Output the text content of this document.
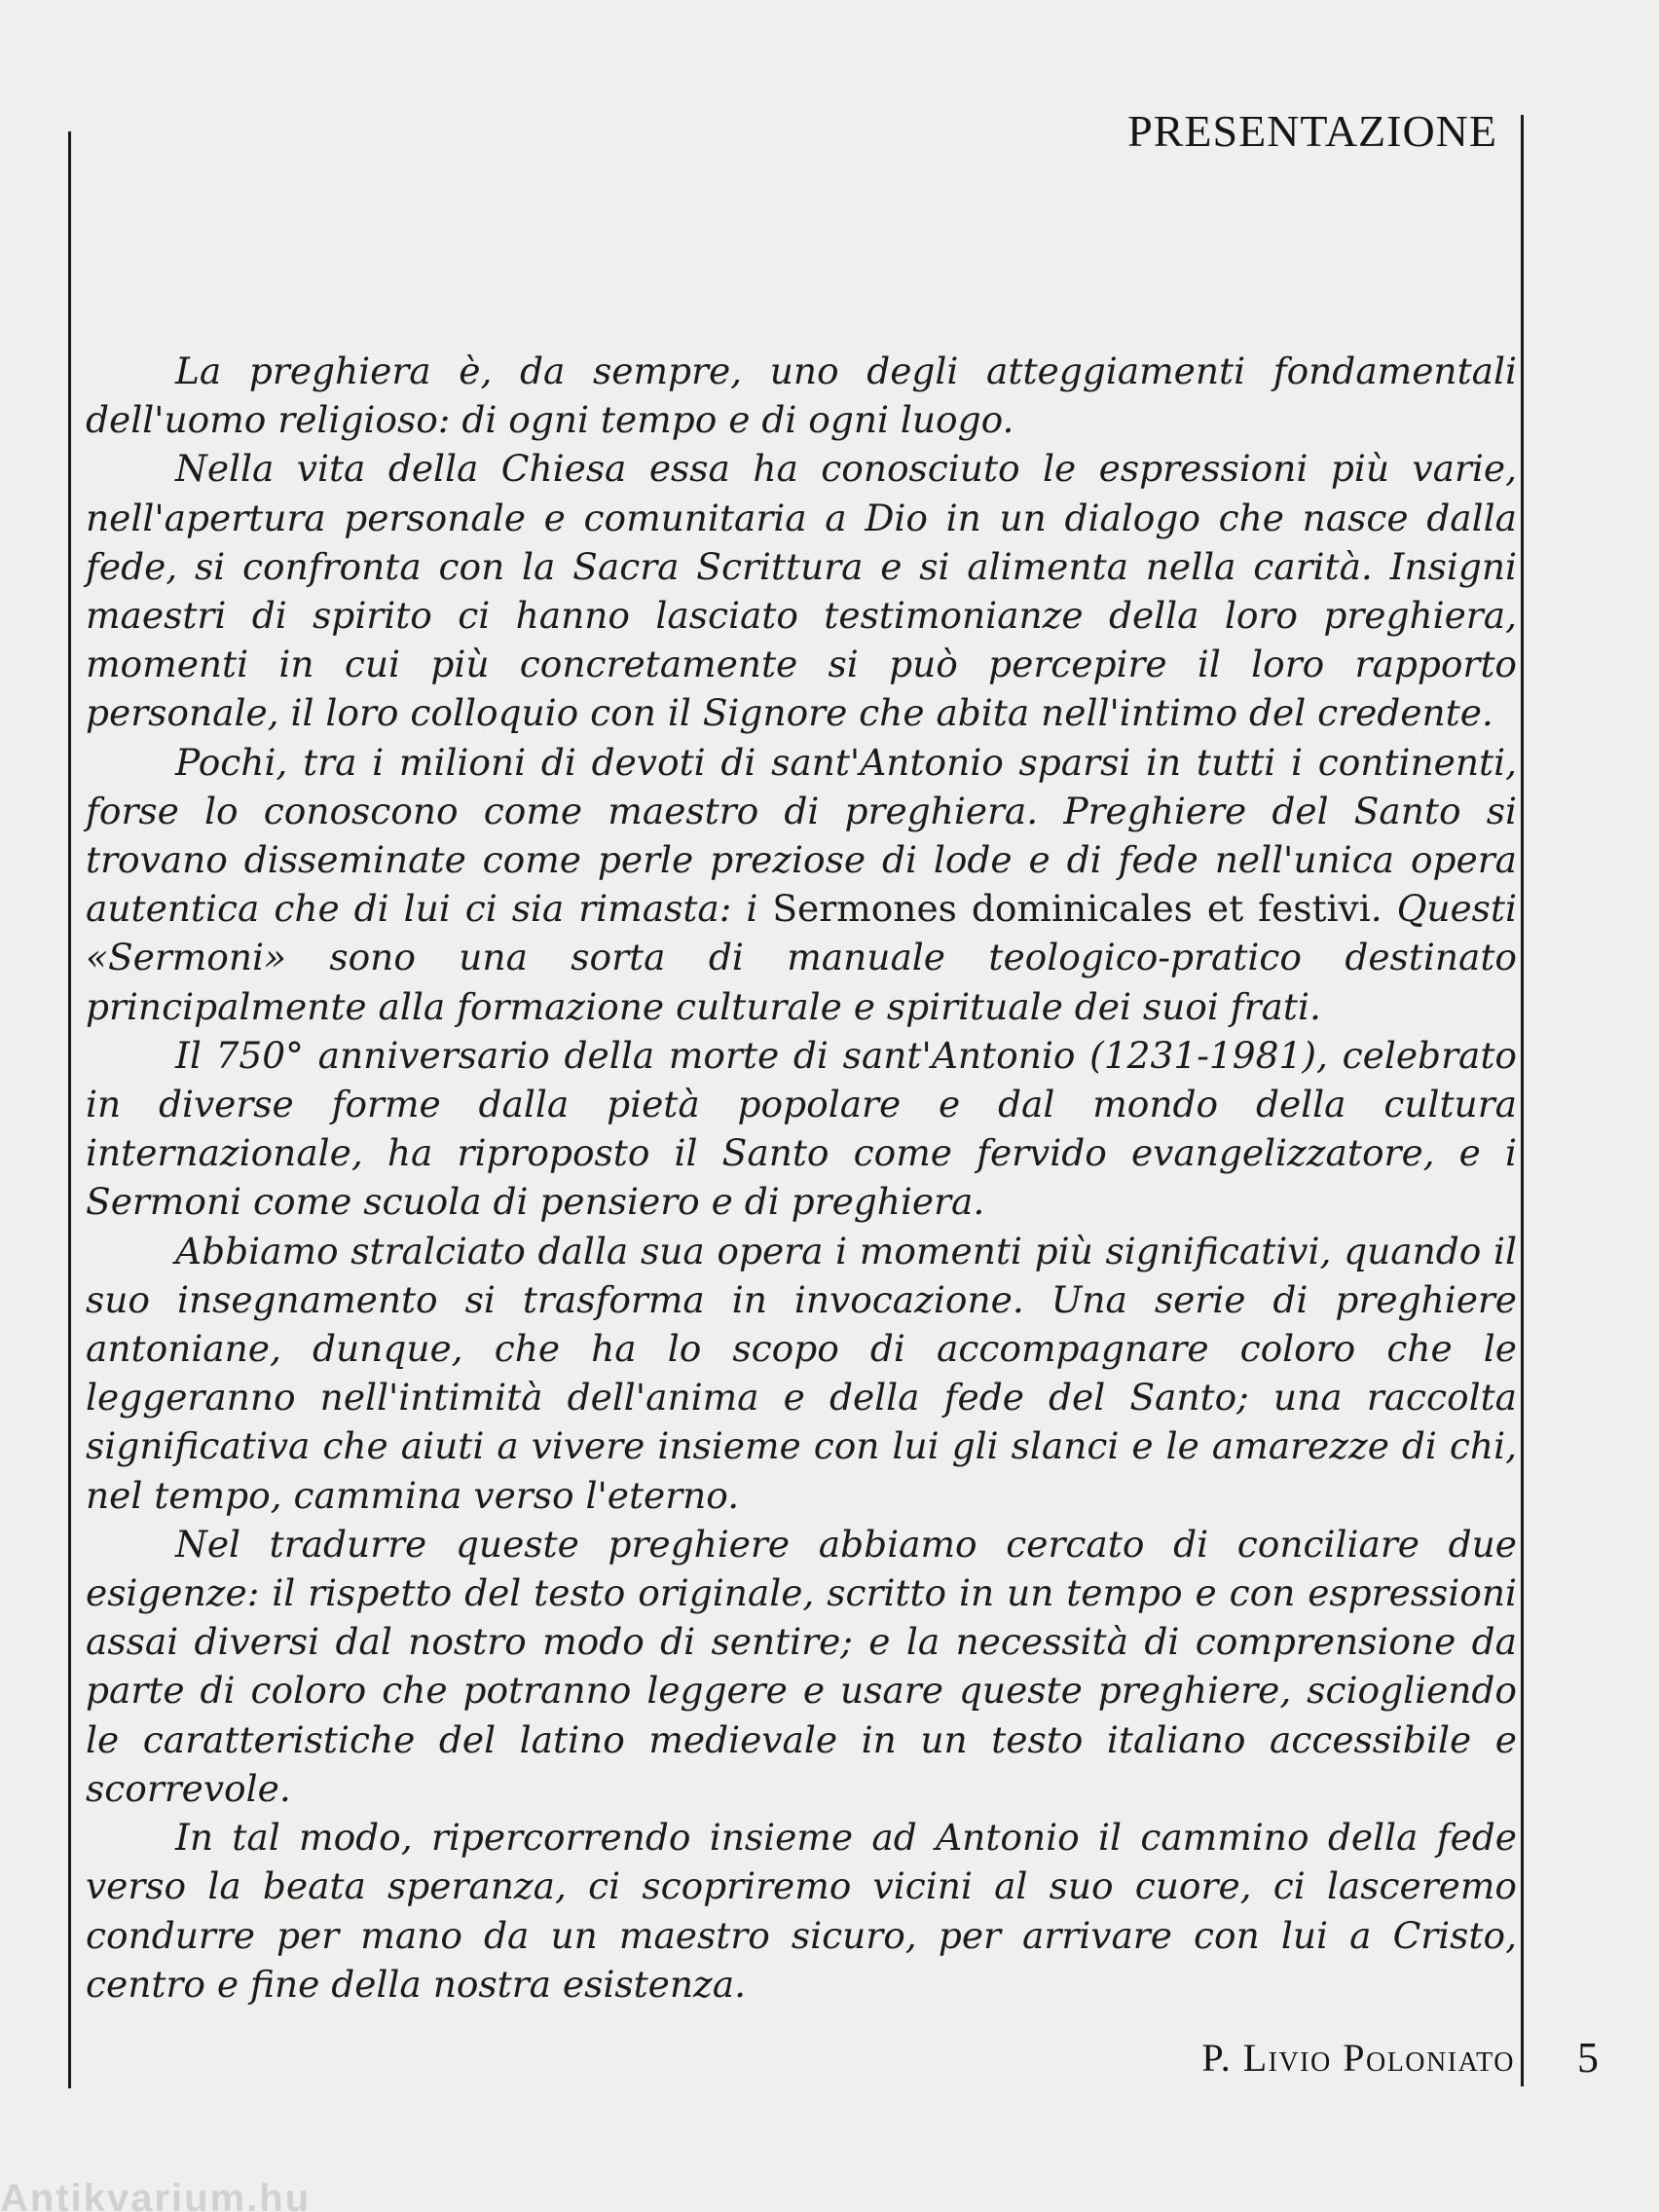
PRESENTAZIONE

La preghiera è, da sempre, uno degli atteggiamenti fondamentali dell'uomo religioso: di ogni tempo e di ogni luogo.

Nella vita della Chiesa essa ha conosciuto le espressioni più varie, nell'apertura personale e comunitaria a Dio in un dialogo che nasce dalla fede, si confronta con la Sacra Scrittura e si alimenta nella carità. Insigni maestri di spirito ci hanno lasciato testimonianze della loro preghiera, momenti in cui più concretamente si può percepire il loro rapporto personale, il loro colloquio con il Signore che abita nell'intimo del credente.

Pochi, tra i milioni di devoti di sant'Antonio sparsi in tutti i continenti, forse lo conoscono come maestro di preghiera. Preghiere del Santo si trovano disseminate come perle preziose di lode e di fede nell'unica opera autentica che di lui ci sia rimasta: i Sermones dominicales et festivi. Questi «Sermoni» sono una sorta di manuale teologico-pratico destinato principalmente alla formazione culturale e spirituale dei suoi frati.

Il 750° anniversario della morte di sant'Antonio (1231-1981), celebrato in diverse forme dalla pietà popolare e dal mondo della cultura internazionale, ha riproposto il Santo come fervido evangelizzatore, e i Sermoni come scuola di pensiero e di preghiera.

Abbiamo stralciato dalla sua opera i momenti più significativi, quando il suo insegnamento si trasforma in invocazione. Una serie di preghiere antoniane, dunque, che ha lo scopo di accompagnare coloro che le leggeranno nell'intimità dell'anima e della fede del Santo; una raccolta significativa che aiuti a vivere insieme con lui gli slanci e le amarezze di chi, nel tempo, cammina verso l'eterno.

Nel tradurre queste preghiere abbiamo cercato di conciliare due esigenze: il rispetto del testo originale, scritto in un tempo e con espressioni assai diversi dal nostro modo di sentire; e la necessità di comprensione da parte di coloro che potranno leggere e usare queste preghiere, sciogliendo le caratteristiche del latino medievale in un testo italiano accessibile e scorrevole.

In tal modo, ripercorrendo insieme ad Antonio il cammino della fede verso la beata speranza, ci scopriremo vicini al suo cuore, ci lasceremo condurre per mano da un maestro sicuro, per arrivare con lui a Cristo, centro e fine della nostra esistenza.

P. Livio Poloniato 5
Antikvarium.hu
